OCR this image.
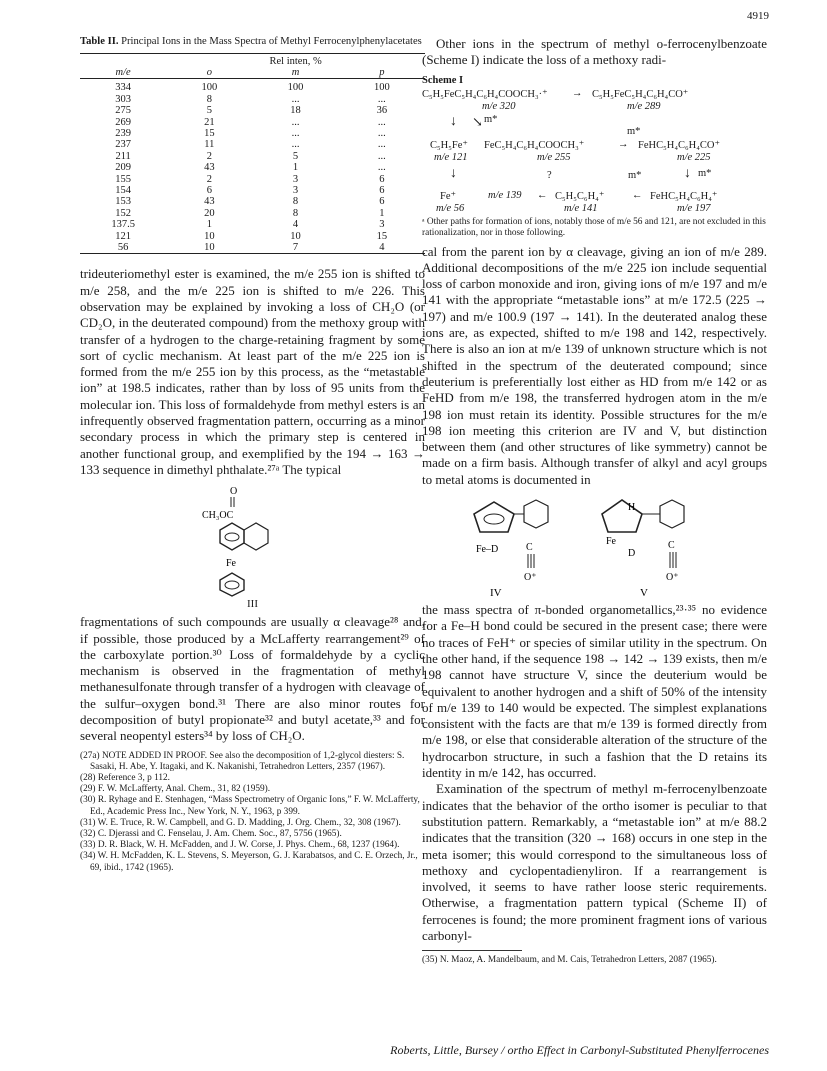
4919

Table II. Principal Ions in the Mass Spectra of Methyl Ferrocenylphenylacetates

	Rel inten, %		
m/e	o	m	p

334	100	100	100
303	8	...	...
275	5	18	36
269	21	...	...
239	15	...	...
237	11	...	...
211	2	5	...
209	43	1	...
155	2	3	6
154	6	3	6
153	43	8	6
152	20	8	1
137.5	1	4	3
121	10	10	15
56	10	7	4

trideuteriomethyl ester is examined, the m/e 255 ion is shifted to m/e 258, and the m/e 225 ion is shifted to m/e 226. This observation may be explained by invoking a loss of CH₂O (or CD₂O, in the deuterated compound) from the methoxy group with transfer of a hydrogen to the charge-retaining fragment by some sort of cyclic mechanism. At least part of the m/e 225 ion is formed from the m/e 255 ion by this process, as the “metastable ion” at 198.5 indicates, rather than by loss of 95 units from the molecular ion. This loss of formaldehyde from methyl esters is an infrequently observed fragmentation pattern, occurring as a minor secondary process in which the primary step is centered in another functional group, and exemplified by the 194 → 163 → 133 sequence in dimethyl phthalate.²⁷ᵃ The typical

O
CH₃OC
Fe
III

fragmentations of such compounds are usually α cleavage²⁸ and, if possible, those produced by a McLafferty rearrangement²⁹ of the carboxylate portion.³⁰ Loss of formaldehyde by a cyclic mechanism is observed in the fragmentation of methyl methanesulfonate through transfer of a hydrogen with cleavage of the sulfur–oxygen bond.³¹ There are also minor routes for decomposition of butyl propionate³² and butyl acetate,³³ and for several neopentyl esters³⁴ by loss of CH₂O.

(27a) NOTE ADDED IN PROOF. See also the decomposition of 1,2-glycol diesters: S. Sasaki, H. Abe, Y. Itagaki, and K. Nakanishi, Tetrahedron Letters, 2357 (1967).

(28) Reference 3, p 112.

(29) F. W. McLafferty, Anal. Chem., 31, 82 (1959).

(30) R. Ryhage and E. Stenhagen, “Mass Spectrometry of Organic Ions,” F. W. McLafferty, Ed., Academic Press Inc., New York, N. Y., 1963, p 399.

(31) W. E. Truce, R. W. Campbell, and G. D. Madding, J. Org. Chem., 32, 308 (1967).

(32) C. Djerassi and C. Fenselau, J. Am. Chem. Soc., 87, 5756 (1965).

(33) D. R. Black, W. H. McFadden, and J. W. Corse, J. Phys. Chem., 68, 1237 (1964).

(34) W. H. McFadden, K. L. Stevens, S. Meyerson, G. J. Karabatsos, and C. E. Orzech, Jr., 69, ibid., 1742 (1965).

Other ions in the spectrum of methyl o-ferrocenylbenzoate (Scheme I) indicate the loss of a methoxy radi-

Scheme I
C₅H₅FeC₅H₄C₆H₄COOCH₃·⁺ → C₅H₅FeC₅H₄C₆H₄CO⁺
m/e 320	m/e 289
↓ ↘ m*
m*
C₅H₅Fe⁺ FeC₅H₄C₆H₄COOCH₃⁺	→ FeHC₅H₄C₆H₄CO⁺
m/e 121	m/e 255	m/e 225
↓	?	m*	↓ m*
Fe⁺	m/e 139 ← C₅H₅C₆H₄⁺	← FeHC₅H₄C₆H₄⁺
m/e 56	m/e 141	m/e 197
ᵃ Other paths for formation of ions, notably those of m/e 56 and 121, are not excluded in this rationalization, nor in those following.

cal from the parent ion by α cleavage, giving an ion of m/e 289. Additional decompositions of the m/e 225 ion include sequential loss of carbon monoxide and iron, giving ions of m/e 197 and m/e 141 with the appropriate “metastable ions” at m/e 172.5 (225 → 197) and m/e 100.9 (197 → 141). In the deuterated analog these ions are, as expected, shifted to m/e 198 and 142, respectively. There is also an ion at m/e 139 of unknown structure which is not shifted in the spectrum of the deuterated compound; since deuterium is preferentially lost either as HD from m/e 142 or as FeHD from m/e 198, the transferred hydrogen atom in the m/e 198 ion must retain its identity. Possible structures for the m/e 198 ion meeting this criterion are IV and V, but distinction between them (and other structures of like symmetry) cannot be made on a firm basis. Although transfer of alkyl and acyl groups to metal atoms is documented in

Fe–D	C
O⁺
IV
H
Fe
D
C
O⁺
V

the mass spectra of π-bonded organometallics,²³·³⁵ no evidence for a Fe–H bond could be secured in the present case; there were no traces of FeH⁺ or species of similar utility in the spectrum. On the other hand, if the sequence 198 → 142 → 139 exists, then m/e 198 cannot have structure V, since the deuterium would be equivalent to another hydrogen and a shift of 50% of the intensity of m/e 139 to 140 would be expected. The simplest explanations consistent with the facts are that m/e 139 is formed directly from m/e 198, or else that considerable alteration of the structure of the hydrocarbon structure, in such a fashion that the D retains its identity in m/e 142, has occurred.

Examination of the spectrum of methyl m-ferrocenylbenzoate indicates that the behavior of the ortho isomer is peculiar to that substitution pattern. Remarkably, a “metastable ion” at m/e 88.2 indicates that the transition (320 → 168) occurs in one step in the meta isomer; this would correspond to the simultaneous loss of methoxy and cyclopentadienyliron. If a rearrangement is involved, it seems to have rather loose steric requirements. Otherwise, a fragmentation pattern typical (Scheme II) of ferrocenes is found; the more prominent fragment ions of various carbonyl-

(35) N. Maoz, A. Mandelbaum, and M. Cais, Tetrahedron Letters, 2087 (1965).

Roberts, Little, Bursey / ortho Effect in Carbonyl-Substituted Phenylferrocenes
